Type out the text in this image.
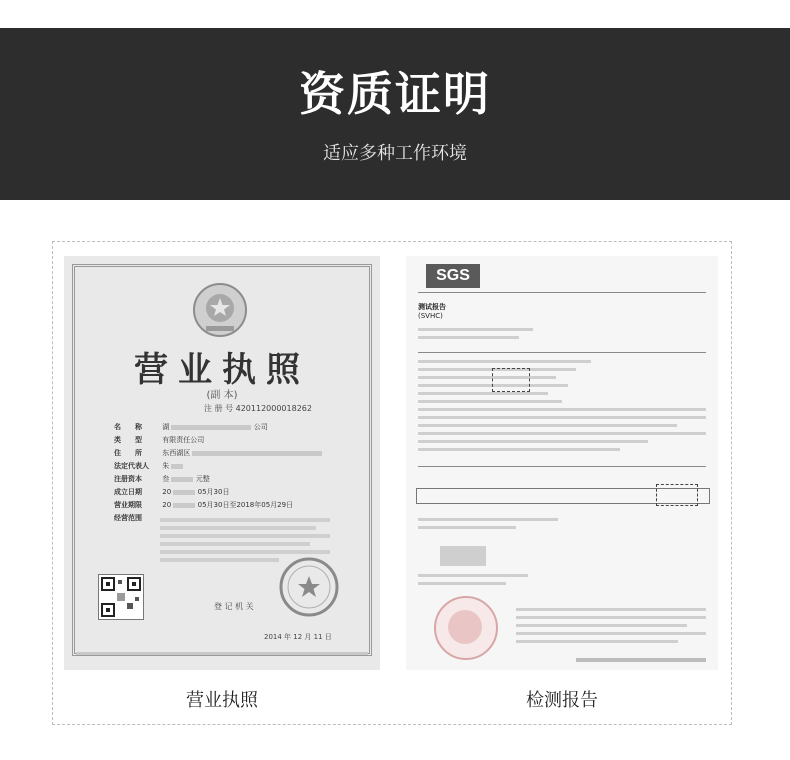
资质证明
适应多种工作环境
营业执照
(副 本)
注 册 号 420112000018262
名　　称	湖	公司
类　　型	有限责任公司
住　　所	东西湖区
法定代表人 朱
注册资本	叁	元整
成立日期	20	05月30日
营业期限	20	05月30日至2018年05月29日
经营范围
登 记 机 关
2014 年 12 月 11 日
SGS
测试报告
(SVHC)
营业执照	检测报告
